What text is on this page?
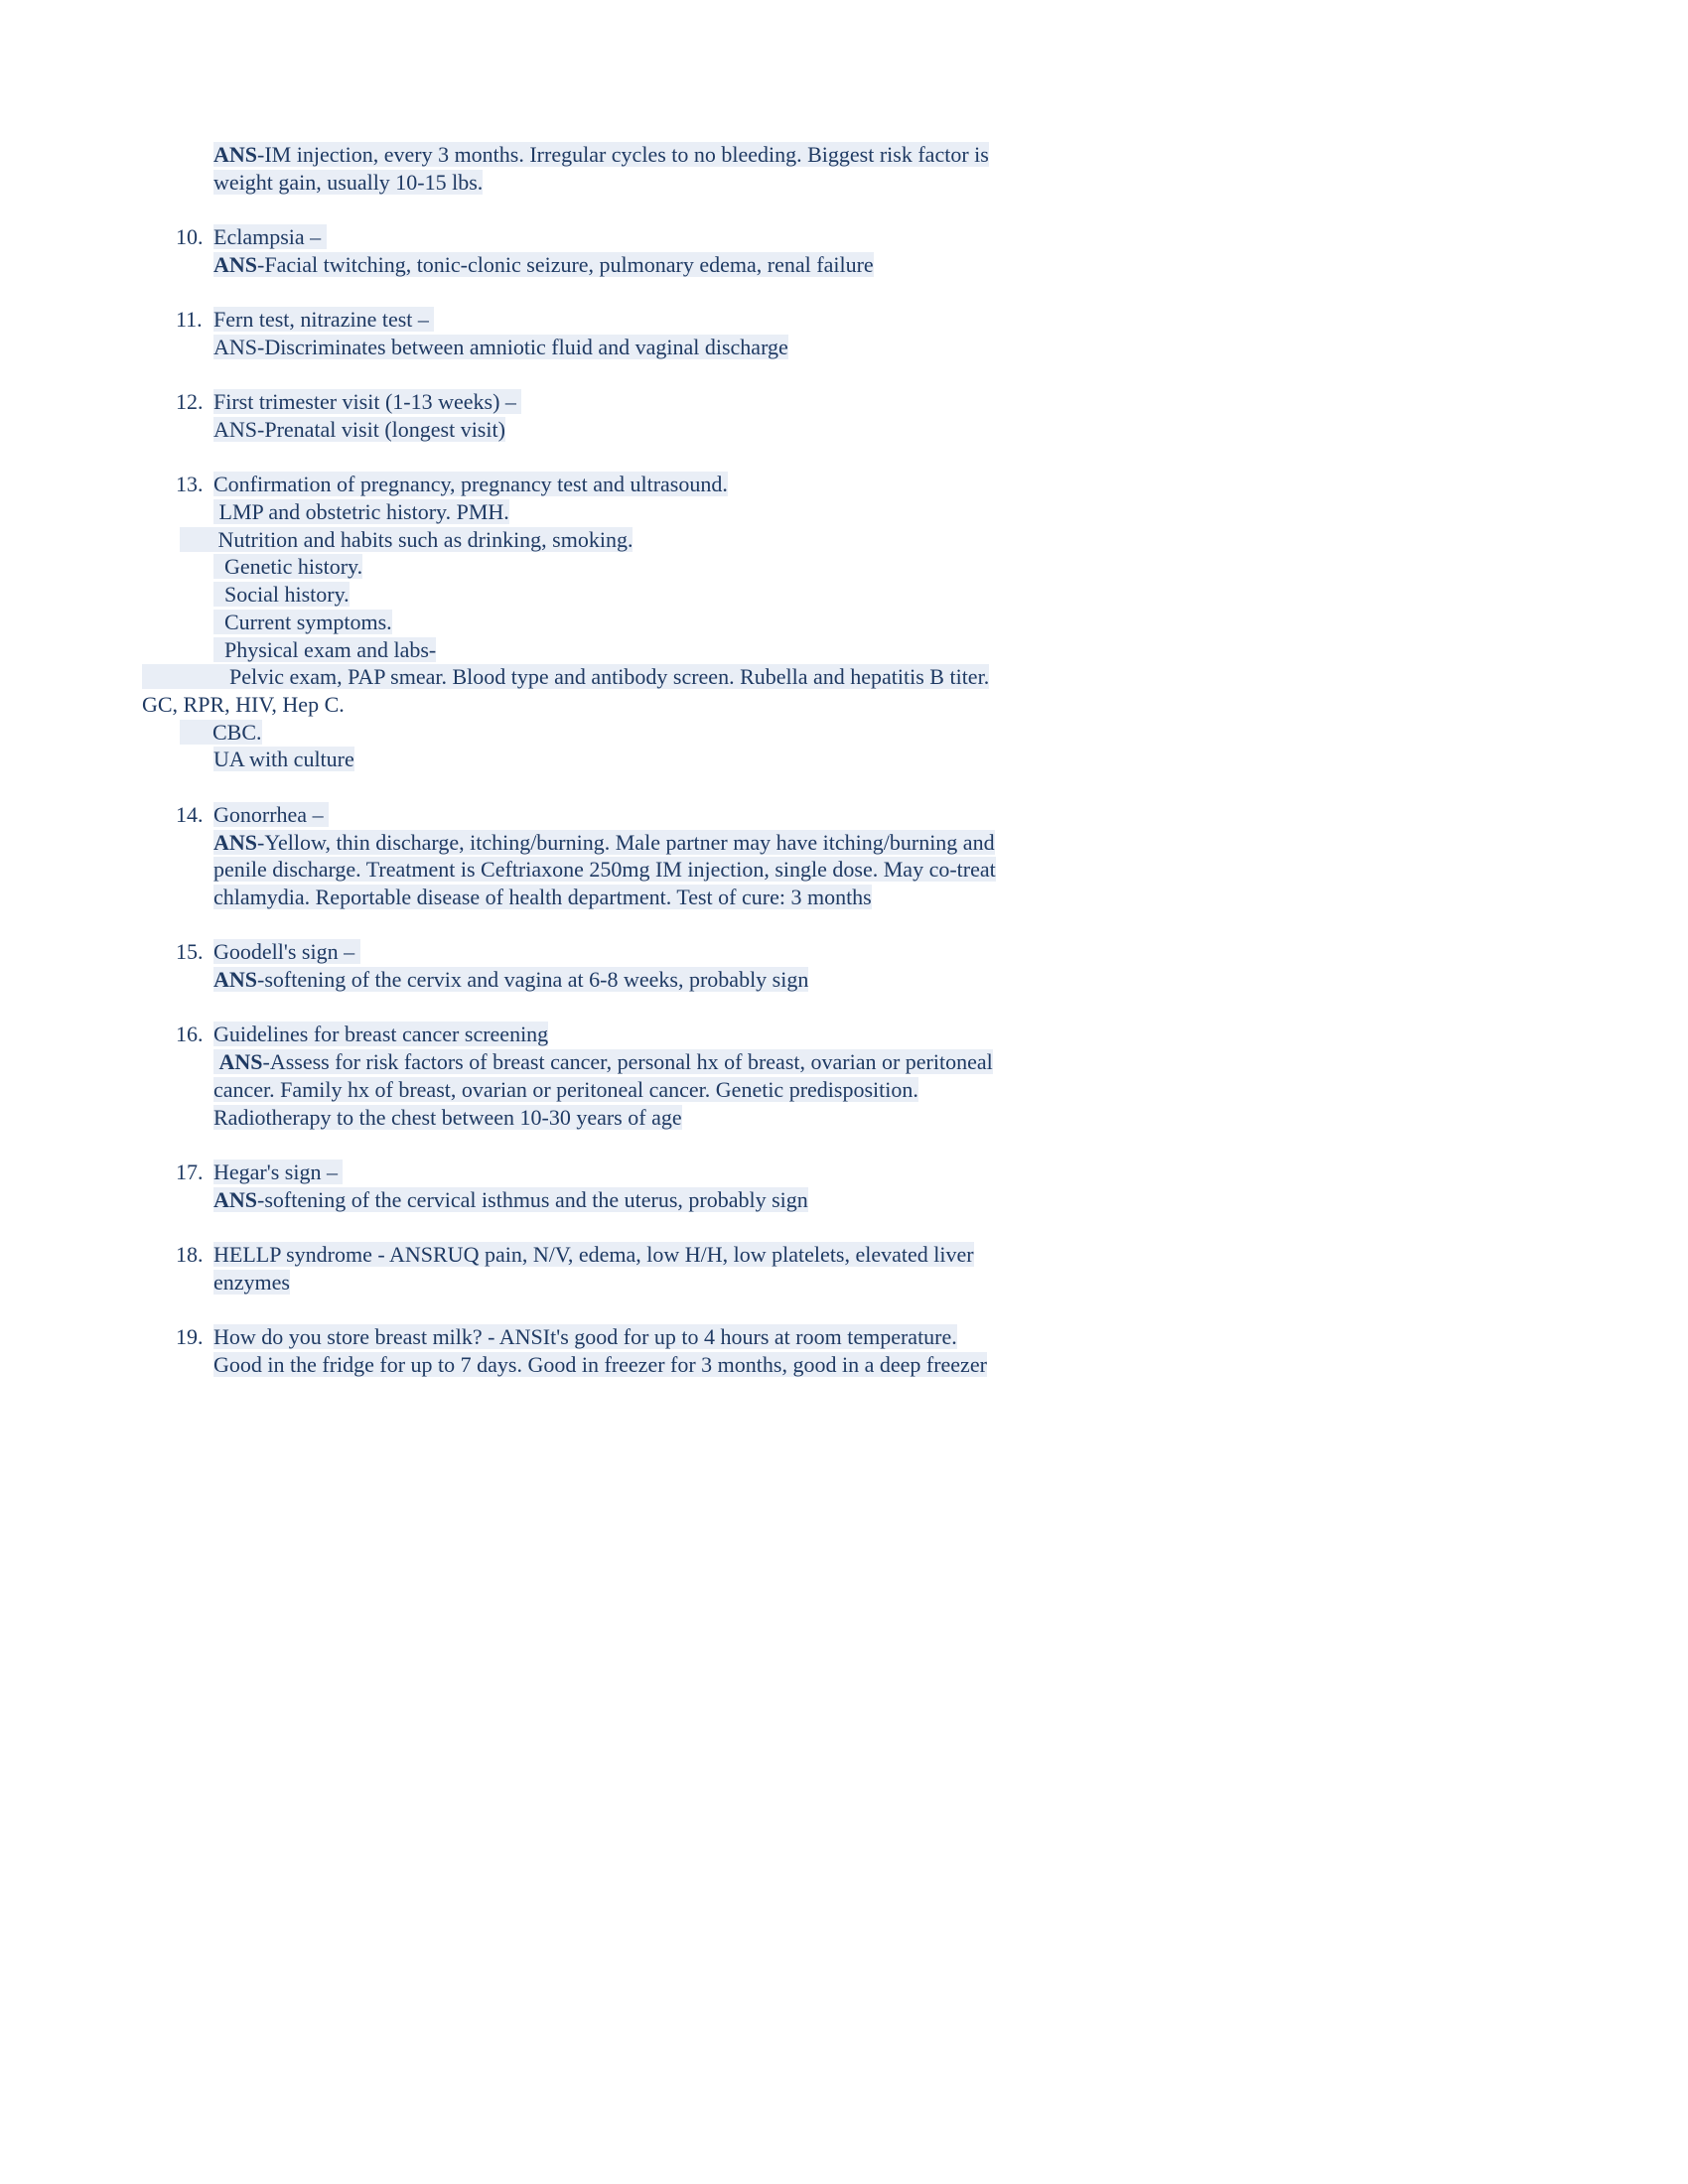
ANS-IM injection, every 3 months. Irregular cycles to no bleeding. Biggest risk factor is
weight gain, usually 10-15 lbs.
10. Eclampsia –
ANS-Facial twitching, tonic-clonic seizure, pulmonary edema, renal failure
11. Fern test, nitrazine test –
ANS-Discriminates between amniotic fluid and vaginal discharge
12. First trimester visit (1-13 weeks) –
ANS-Prenatal visit (longest visit)
13. Confirmation of pregnancy, pregnancy test and ultrasound.
LMP and obstetric history. PMH.
Nutrition and habits such as drinking, smoking.
Genetic history.
Social history.
Current symptoms.
Physical exam and labs-
Pelvic exam, PAP smear. Blood type and antibody screen. Rubella and hepatitis B titer.
GC, RPR, HIV, Hep C.
CBC.
UA with culture
14. Gonorrhea –
ANS-Yellow, thin discharge, itching/burning. Male partner may have itching/burning and
penile discharge. Treatment is Ceftriaxone 250mg IM injection, single dose. May co-treat
chlamydia. Reportable disease of health department. Test of cure: 3 months
15. Goodell's sign –
ANS-softening of the cervix and vagina at 6-8 weeks, probably sign
16. Guidelines for breast cancer screening
ANS-Assess for risk factors of breast cancer, personal hx of breast, ovarian or peritoneal
cancer. Family hx of breast, ovarian or peritoneal cancer. Genetic predisposition.
Radiotherapy to the chest between 10-30 years of age
17. Hegar's sign –
ANS-softening of the cervical isthmus and the uterus, probably sign
18. HELLP syndrome - ANSRUQ pain, N/V, edema, low H/H, low platelets, elevated liver
enzymes
19. How do you store breast milk? - ANSIt's good for up to 4 hours at room temperature.
Good in the fridge for up to 7 days. Good in freezer for 3 months, good in a deep freezer
